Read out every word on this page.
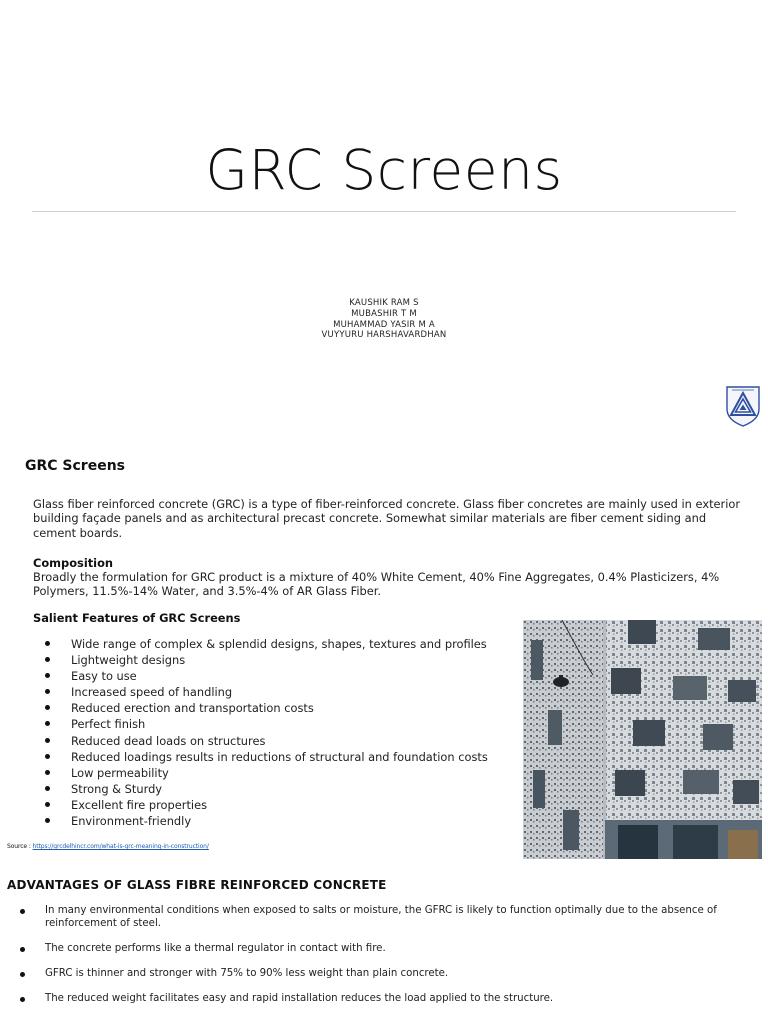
GRC Screens
KAUSHIK RAM S
MUBASHIR T M
MUHAMMAD YASIR M A
VUYYURU HARSHAVARDHAN
GRC Screens
Glass fiber reinforced concrete (GRC) is a type of fiber-reinforced concrete. Glass fiber concretes are mainly used in exterior building façade panels and as architectural precast concrete. Somewhat similar materials are fiber cement siding and cement boards.
Composition
Broadly the formulation for GRC product is a mixture of 40% White Cement, 40% Fine Aggregates, 0.4% Plasticizers, 4% Polymers, 11.5%-14% Water, and 3.5%-4% of AR Glass Fiber.
Salient Features of GRC Screens
Wide range of complex & splendid designs, shapes, textures and profiles
Lightweight designs
Easy to use
Increased speed of handling
Reduced erection and transportation costs
Perfect finish
Reduced dead loads on structures
Reduced loadings results in reductions of structural and foundation costs
Low permeability
Strong & Sturdy
Excellent fire properties
Environment-friendly
Source : https://grcdelhincr.com/what-is-grc-meaning-in-construction/
ADVANTAGES OF GLASS FIBRE REINFORCED CONCRETE
In many environmental conditions when exposed to salts or moisture, the GFRC is likely to function optimally due to the absence of reinforcement of steel.
The concrete performs like a thermal regulator in contact with fire.
GFRC is thinner and stronger with 75% to 90% less weight than plain concrete.
The reduced weight facilitates easy and rapid installation reduces the load applied to the structure.
